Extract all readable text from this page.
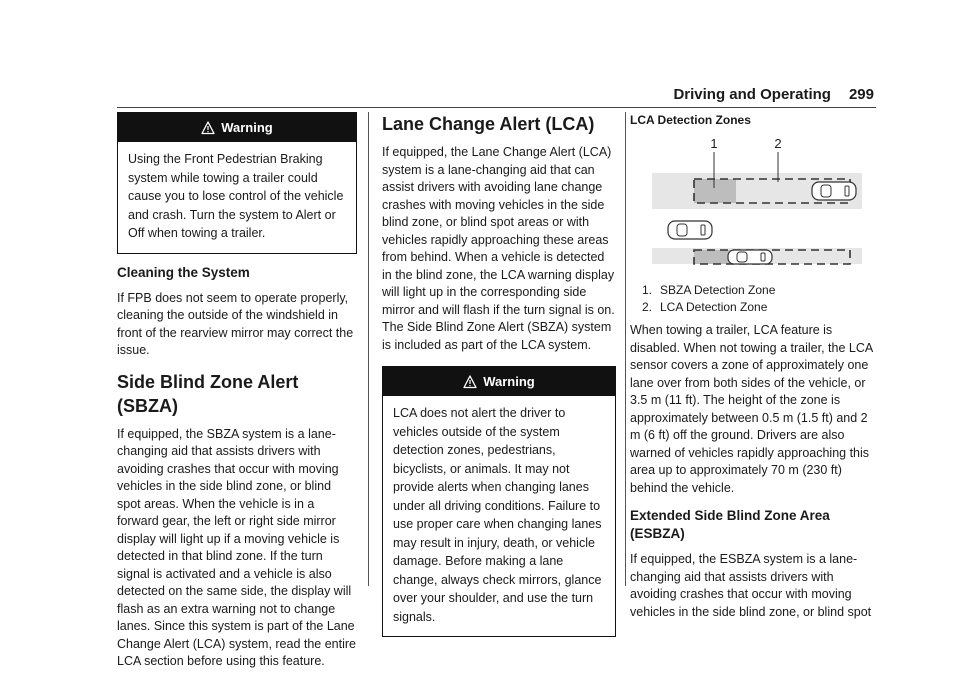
Driving and Operating 299
Warning
Using the Front Pedestrian Braking system while towing a trailer could cause you to lose control of the vehicle and crash. Turn the system to Alert or Off when towing a trailer.
Cleaning the System

If FPB does not seem to operate properly, cleaning the outside of the windshield in front of the rearview mirror may correct the issue.

Side Blind Zone Alert (SBZA)

If equipped, the SBZA system is a lane-changing aid that assists drivers with avoiding crashes that occur with moving vehicles in the side blind zone, or blind spot areas. When the vehicle is in a forward gear, the left or right side mirror display will light up if a moving vehicle is detected in that blind zone. If the turn signal is activated and a vehicle is also detected on the same side, the display will flash as an extra warning not to change lanes. Since this system is part of the Lane Change Alert (LCA) system, read the entire LCA section before using this feature.

Lane Change Alert (LCA)

If equipped, the Lane Change Alert (LCA) system is a lane-changing aid that can assist drivers with avoiding lane change crashes with moving vehicles in the side blind zone, or blind spot areas or with vehicles rapidly approaching these areas from behind. When a vehicle is detected in the blind zone, the LCA warning display will light up in the corresponding side mirror and will flash if the turn signal is on. The Side Blind Zone Alert (SBZA) system is included as part of the LCA system.

Warning
LCA does not alert the driver to vehicles outside of the system detection zones, pedestrians, bicyclists, or animals. It may not provide alerts when changing lanes under all driving conditions. Failure to use proper care when changing lanes may result in injury, death, or vehicle damage. Before making a lane change, always check mirrors, glance over your shoulder, and use the turn signals.
LCA Detection Zones
1	2
1. SBZA Detection Zone
2. LCA Detection Zone

When towing a trailer, LCA feature is disabled. When not towing a trailer, the LCA sensor covers a zone of approximately one lane over from both sides of the vehicle, or 3.5 m (11 ft). The height of the zone is approximately between 0.5 m (1.5 ft) and 2 m (6 ft) off the ground. Drivers are also warned of vehicles rapidly approaching this area up to approximately 70 m (230 ft) behind the vehicle.

Extended Side Blind Zone Area (ESBZA)

If equipped, the ESBZA system is a lane-changing aid that assists drivers with avoiding crashes that occur with moving vehicles in the side blind zone, or blind spot
